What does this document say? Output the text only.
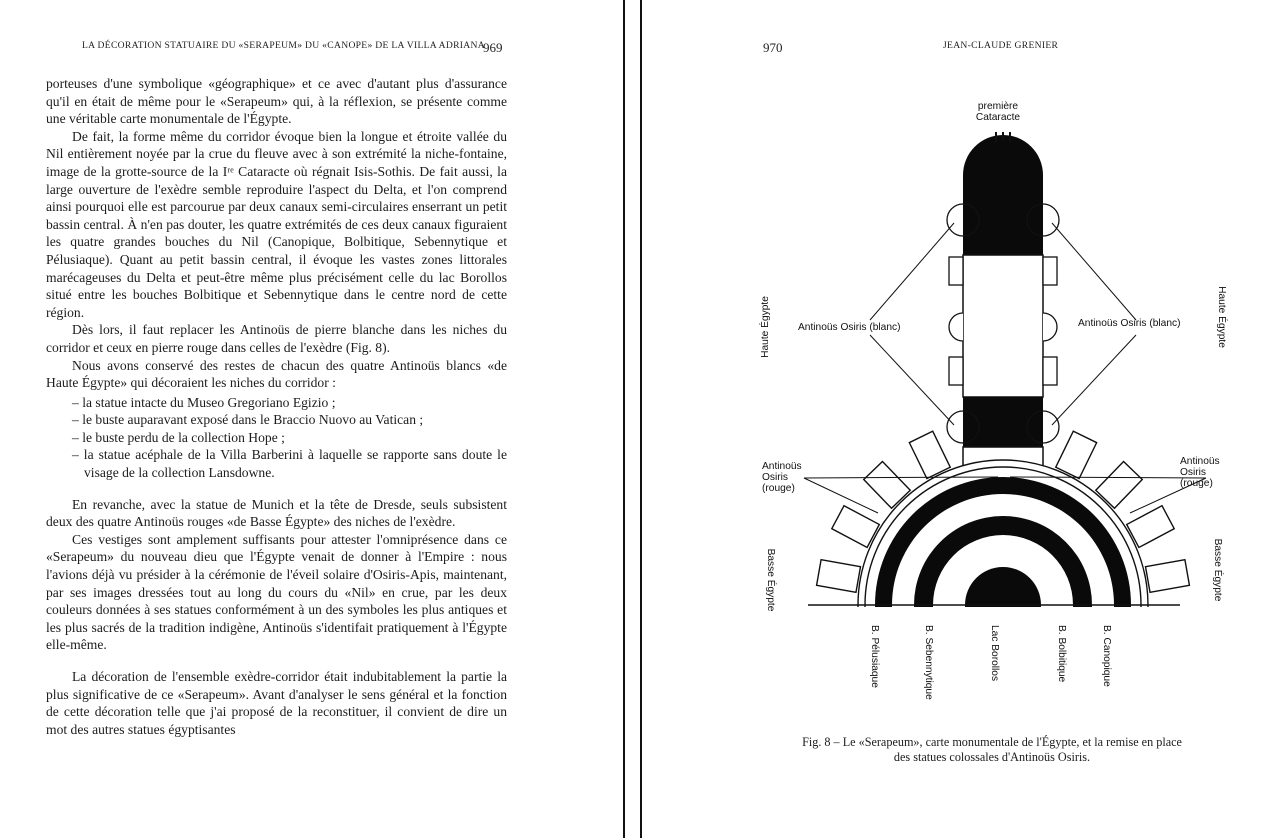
LA DÉCORATION STATUAIRE DU «SERAPEUM» DU «CANOPE» DE LA VILLA ADRIANA
969

porteuses d'une symbolique «géographique» et ce avec d'autant plus d'assurance qu'il en était de même pour le «Serapeum» qui, à la réflexion, se présente comme une véritable carte monumentale de l'Égypte.

De fait, la forme même du corridor évoque bien la longue et étroite vallée du Nil entièrement noyée par la crue du fleuve avec à son extrémité la niche-fontaine, image de la grotte-source de la Iʳᵉ Cataracte où régnait Isis-Sothis. De fait aussi, la large ouverture de l'exèdre semble reproduire l'aspect du Delta, et l'on comprend ainsi pourquoi elle est parcourue par deux canaux semi-circulaires enserrant un petit bassin central. À n'en pas douter, les quatre extrémités de ces deux canaux figuraient les quatre grandes bouches du Nil (Canopique, Bolbitique, Sebennytique et Pélusiaque). Quant au petit bassin central, il évoque les vastes zones littorales marécageuses du Delta et peut-être même plus précisément celle du lac Borollos situé entre les bouches Bolbitique et Sebennytique dans le centre nord de cette région.

Dès lors, il faut replacer les Antinoüs de pierre blanche dans les niches du corridor et ceux en pierre rouge dans celles de l'exèdre (Fig. 8).

Nous avons conservé des restes de chacun des quatre Antinoüs blancs «de Haute Égypte» qui décoraient les niches du corridor :

– la statue intacte du Museo Gregoriano Egizio ;
– le buste auparavant exposé dans le Braccio Nuovo au Vatican ;
– le buste perdu de la collection Hope ;
– la statue acéphale de la Villa Barberini à laquelle se rapporte sans doute le visage de la collection Lansdowne.

En revanche, avec la statue de Munich et la tête de Dresde, seuls subsistent deux des quatre Antinoüs rouges «de Basse Égypte» des niches de l'exèdre.

Ces vestiges sont amplement suffisants pour attester l'omniprésence dans ce «Serapeum» du nouveau dieu que l'Égypte venait de donner à l'Empire : nous l'avions déjà vu présider à la cérémonie de l'éveil solaire d'Osiris-Apis, maintenant, par ses images dressées tout au long du cours du «Nil» en crue, par les deux couleurs données à ses statues conformément à un des symboles les plus antiques et les plus sacrés de la tradition indigène, Antinoüs s'identifait pratiquement à l'Égypte elle-même.

La décoration de l'ensemble exèdre-corridor était indubitablement la partie la plus significative de ce «Serapeum». Avant d'analyser le sens général et la fonction de cette décoration telle que j'ai proposé de la reconstituer, il convient de dire un mot des autres statues égyptisantes

970	JEAN-CLAUDE GRENIER
première
Cataracte
Haute Égypte	Haute Égypte
Antinoüs Osiris (blanc)	Antinoüs Osiris (blanc)
Antinoüs
Osiris
(rouge)
Antinoüs
Osiris
(rouge)
Basse Égypte	Basse Égypte
B. Pélusiaque	B. Sebennytique	Lac Borollos	B. Bolbitique	B. Canopique
Fig. 8 – Le «Serapeum», carte monumentale de l'Égypte, et la remise en place
des statues colossales d'Antinoüs Osiris.
